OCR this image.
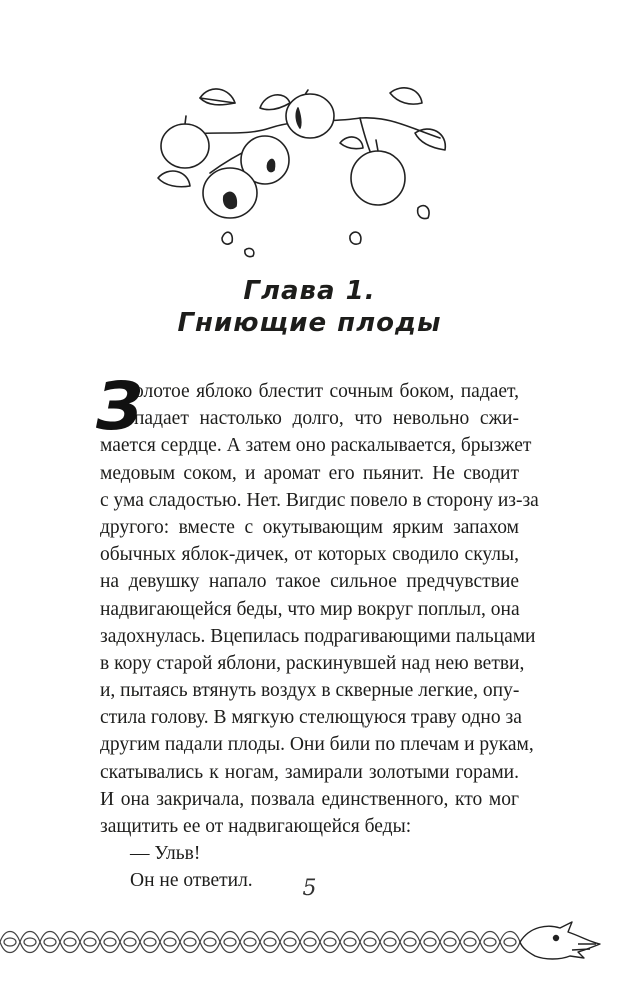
Глава 1.
Гниющие плоды
З
олотое яблоко блестит сочным боком, падает,
падает настолько долго, что невольно сжи-
мается сердце. А затем оно раскалывается, брызжет
медовым соком, и аромат его пьянит. Не сводит
с ума сладостью. Нет. Вигдис повело в сторону из-за
другого: вместе с окутывающим ярким запахом
обычных яблок-дичек, от которых сводило скулы,
на девушку напало такое сильное предчувствие
надвигающейся беды, что мир вокруг поплыл, она
задохнулась. Вцепилась подрагивающими пальцами
в кору старой яблони, раскинувшей над нею ветви,
и, пытаясь втянуть воздух в скверные легкие, опу-
стила голову. В мягкую стелющуюся траву одно за
другим падали плоды. Они били по плечам и рукам,
скатывались к ногам, замирали золотыми горами.
И она закричала, позвала единственного, кто мог
защитить ее от надвигающейся беды:
— Ульв!
Он не ответил.	5
